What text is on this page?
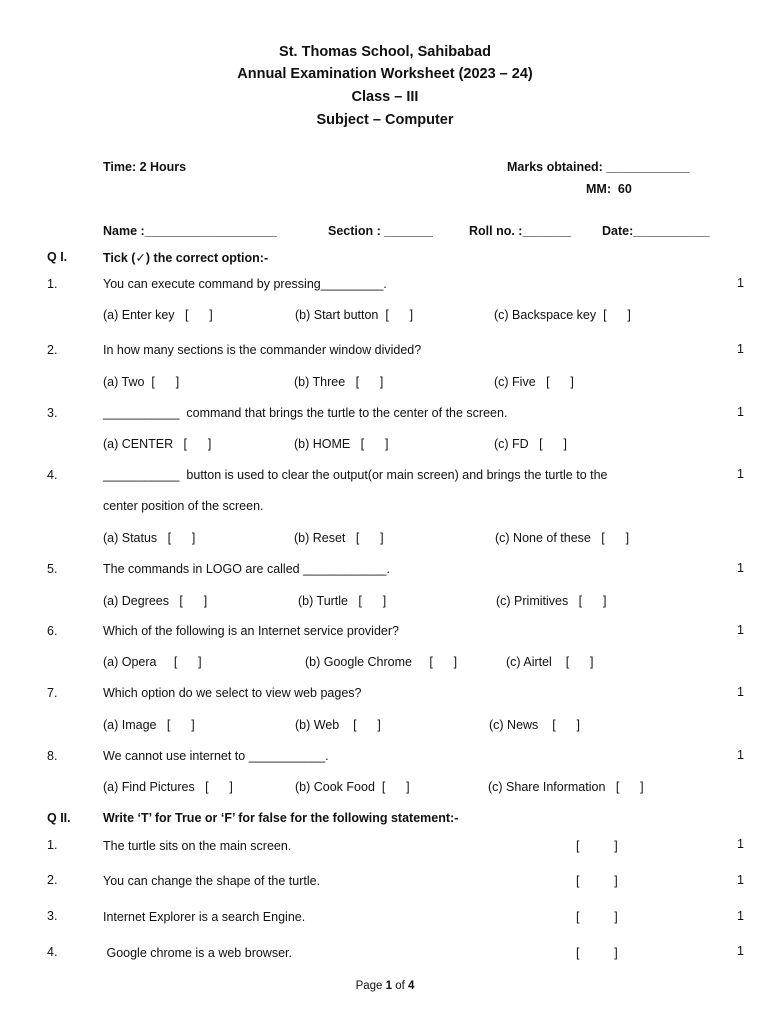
St. Thomas School, Sahibabad
Annual Examination Worksheet (2023 – 24)
Class – III
Subject – Computer
Time: 2 Hours	Marks obtained: ____________
MM:  60
Name :___________________	Section : _______	Roll no. :_______ Date:___________
Q I.	Tick (✓) the correct option:-
1.	You can execute command by pressing_________.	1
(a) Enter key   [      ]	(b) Start button  [      ]	(c) Backspace key  [      ]
2.	In how many sections is the commander window divided?	1
(a) Two  [      ]	(b) Three   [      ]	(c) Five   [      ]
3.	___________  command that brings the turtle to the center of the screen.	1
(a) CENTER   [      ]	(b) HOME   [      ]	(c) FD   [      ]
4.	___________  button is used to clear the output(or main screen) and brings the turtle to the	1
center position of the screen.
(a) Status   [      ]	(b) Reset   [      ]	(c) None of these   [      ]
5.	The commands in LOGO are called ____________.	1
(a) Degrees   [      ]	(b) Turtle   [      ]	(c) Primitives   [      ]
6.	Which of the following is an Internet service provider?	1
(a) Opera     [      ]	(b) Google Chrome     [      ]	(c) Airtel    [      ]
7.	Which option do we select to view web pages?	1
(a) Image   [      ]	(b) Web    [      ]	(c) News    [      ]
8.	We cannot use internet to ___________.	1
(a) Find Pictures   [      ]	(b) Cook Food  [      ]	(c) Share Information   [      ]
Q II.	Write ‘T’ for True or ‘F’ for false for the following statement:-
1.	The turtle sits on the main screen.	[          ]	1
2.	You can change the shape of the turtle.	[          ]	1
3.	Internet Explorer is a search Engine.	[          ]	1
4.	Google chrome is a web browser.	[          ]	1
Page 1 of 4
